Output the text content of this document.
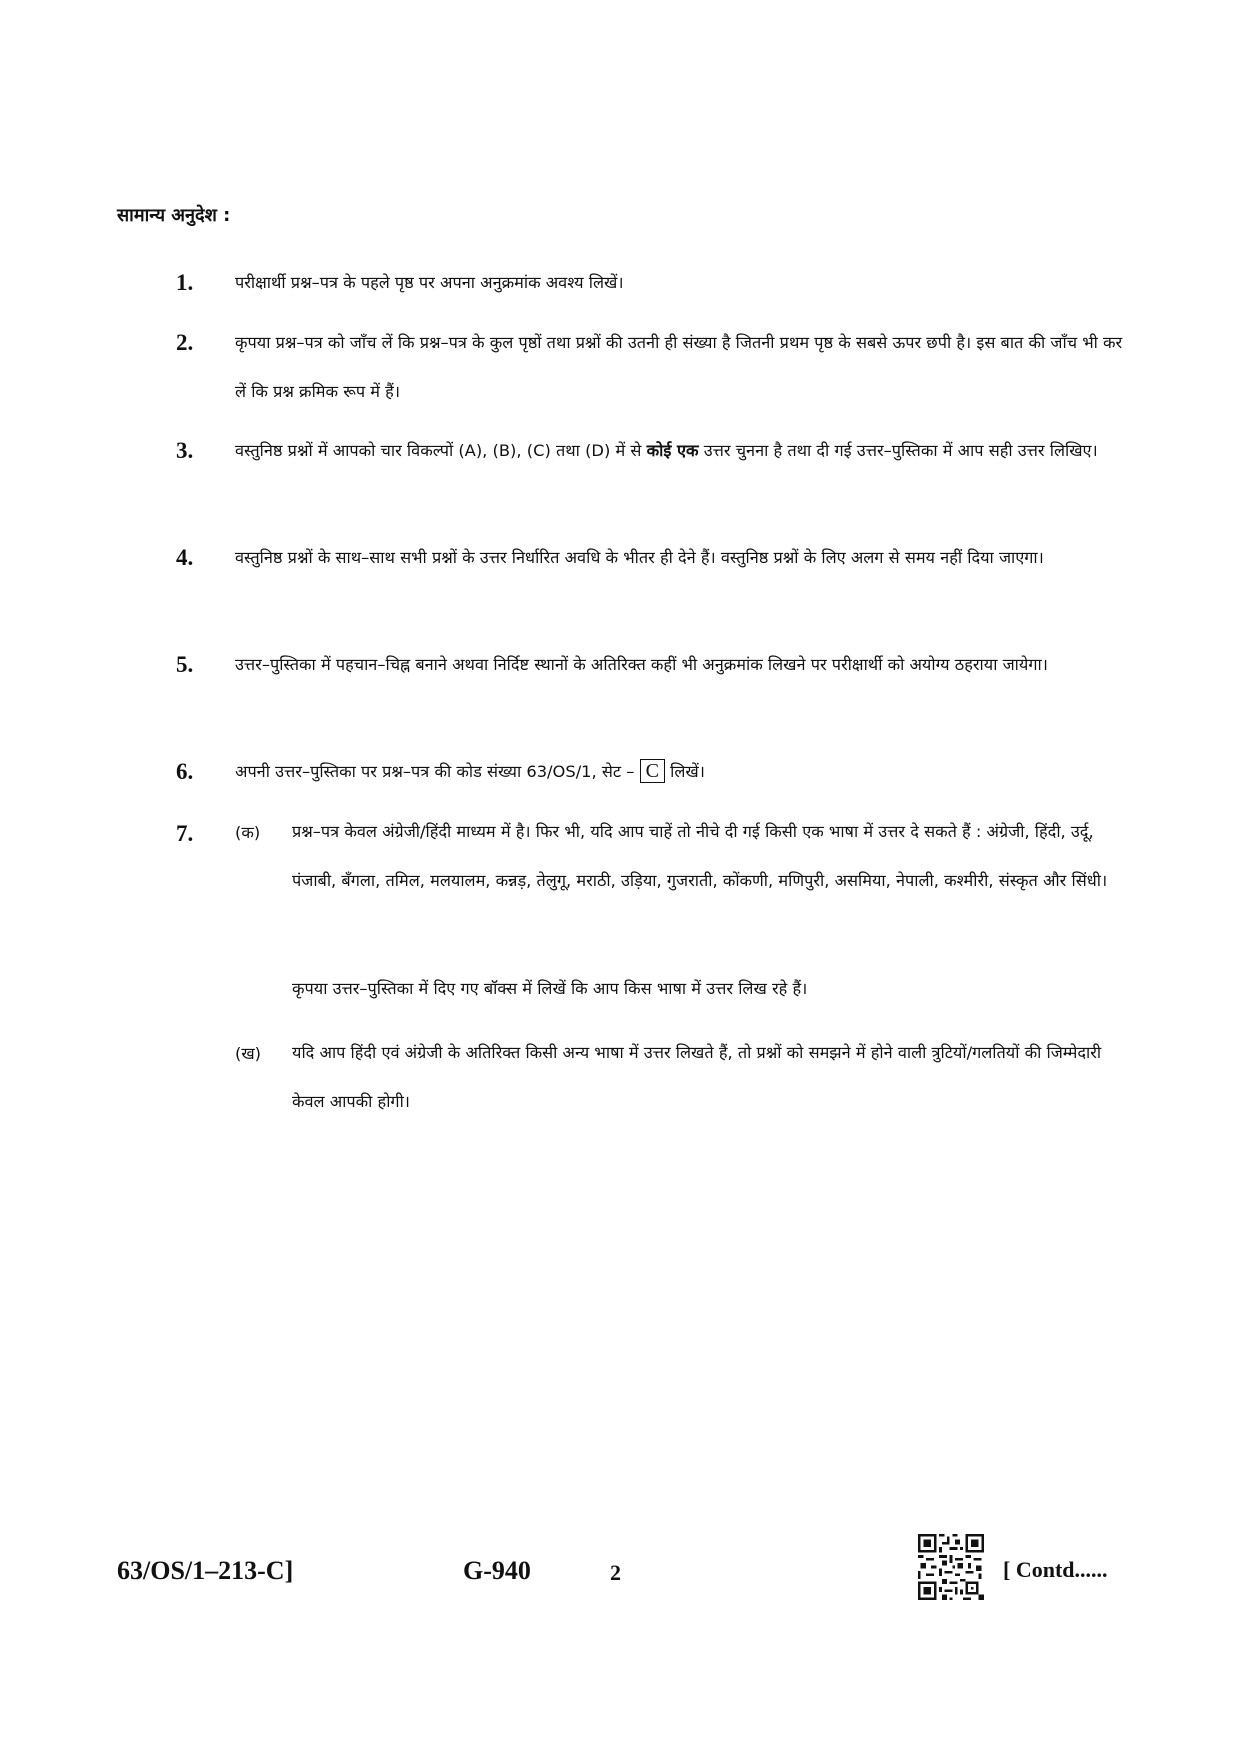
सामान्य अनुदेश :
1.	परीक्षार्थी प्रश्न–पत्र के पहले पृष्ठ पर अपना अनुक्रमांक अवश्य लिखें।
2.	कृपया प्रश्न–पत्र को जाँच लें कि प्रश्न–पत्र के कुल पृष्ठों तथा प्रश्नों की उतनी ही संख्या है जितनी प्रथम पृष्ठ के सबसे ऊपर छपी है। इस बात की जाँच भी कर लें कि प्रश्न क्रमिक रूप में हैं।
3.	वस्तुनिष्ठ प्रश्नों में आपको चार विकल्पों (A), (B), (C) तथा (D) में से कोई एक उत्तर चुनना है तथा दी गई उत्तर–पुस्तिका में आप सही उत्तर लिखिए।
4.	वस्तुनिष्ठ प्रश्नों के साथ–साथ सभी प्रश्नों के उत्तर निर्धारित अवधि के भीतर ही देने हैं। वस्तुनिष्ठ प्रश्नों के लिए अलग से समय नहीं दिया जाएगा।
5.	उत्तर–पुस्तिका में पहचान–चिह्न बनाने अथवा निर्दिष्ट स्थानों के अतिरिक्त कहीं भी अनुक्रमांक लिखने पर परीक्षार्थी को अयोग्य ठहराया जायेगा।
6.	अपनी उत्तर–पुस्तिका पर प्रश्न–पत्र की कोड संख्या 63/OS/1, सेट – C लिखें।
7.	(क) प्रश्न–पत्र केवल अंग्रेजी/हिंदी माध्यम में है। फिर भी, यदि आप चाहें तो नीचे दी गई किसी एक भाषा में उत्तर दे सकते हैं : अंग्रेजी, हिंदी, उर्दू, पंजाबी, बँगला, तमिल, मलयालम, कन्नड़, तेलुगू, मराठी, उड़िया, गुजराती, कोंकणी, मणिपुरी, असमिया, नेपाली, कश्मीरी, संस्कृत और सिंधी।
कृपया उत्तर–पुस्तिका में दिए गए बॉक्स में लिखें कि आप किस भाषा में उत्तर लिख रहे हैं।
(ख) यदि आप हिंदी एवं अंग्रेजी के अतिरिक्त किसी अन्य भाषा में उत्तर लिखते हैं, तो प्रश्नों को समझने में होने वाली त्रुटियों/गलतियों की जिम्मेदारी केवल आपकी होगी।
63/OS/1–213-C]	G-940	2	[ Contd......
